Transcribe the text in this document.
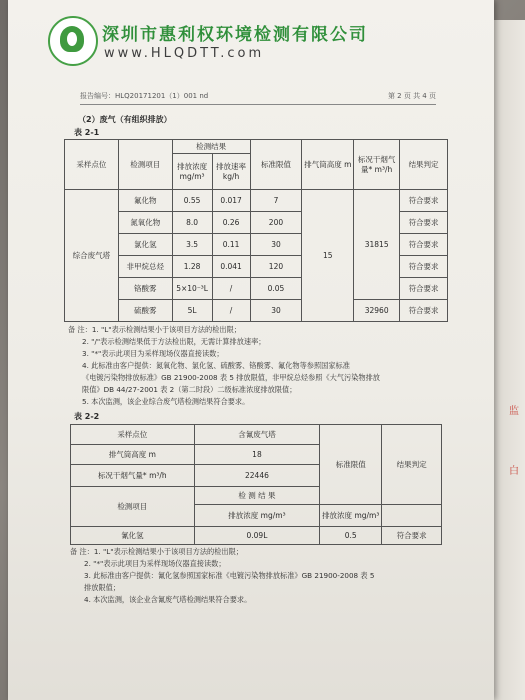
监
白
深圳市惠利权环境检测有限公司
www.HLQDTT.com
报告编号：HLQ20171201（1）001 nd	第 2 页 共 4 页
（2）废气（有组织排放）
表 2-1
采样点位	检测项目	检测结果		标准限值	排气筒高度 m	标况干烟气量* m³/h	结果判定
		排放浓度 mg/m³	排放速率 kg/h				
综合废气塔	氟化物	0.55	0.017	7	15	31815	符合要求
	氮氧化物	8.0	0.26	200			符合要求
	氯化氢	3.5	0.11	30			符合要求
	非甲烷总烃	1.28	0.041	120			符合要求
	铬酸雾	5×10⁻³L	/	0.05			符合要求
	硫酸雾	5L	/	30		32960	符合要求
备 注：1. "L"表示检测结果小于该项目方法的检出限；
2. "/"表示检测结果低于方法检出限，无需计算排放速率；
3. "*"表示此项目为采样现场仪器直接读数；
4. 此标准由客户提供：氮氧化物、氯化氢、硫酸雾、铬酸雾、氟化物等参照国家标准
《电镀污染物排放标准》GB 21900-2008 表 5 排放限值，非甲烷总烃参照《大气污染物排放
限值》DB 44/27-2001 表 2（第二时段）二级标准浓度排放限值；
5. 本次监测，该企业综合废气塔检测结果符合要求。
表 2-2
采样点位	含氰废气塔	标准限值	结果判定
排气筒高度 m	18		
标况干烟气量* m³/h	22446		
检测项目	检 测 结 果		
	排放浓度 mg/m³	排放浓度 mg/m³	
氰化氢	0.09L	0.5	符合要求
备 注：1. "L"表示检测结果小于该项目方法的检出限；
2. "*"表示此项目为采样现场仪器直接读数；
3. 此标准由客户提供：氰化氢参照国家标准《电镀污染物排放标准》GB 21900-2008 表 5
排放限值；
4. 本次监测，该企业含氰废气塔检测结果符合要求。
